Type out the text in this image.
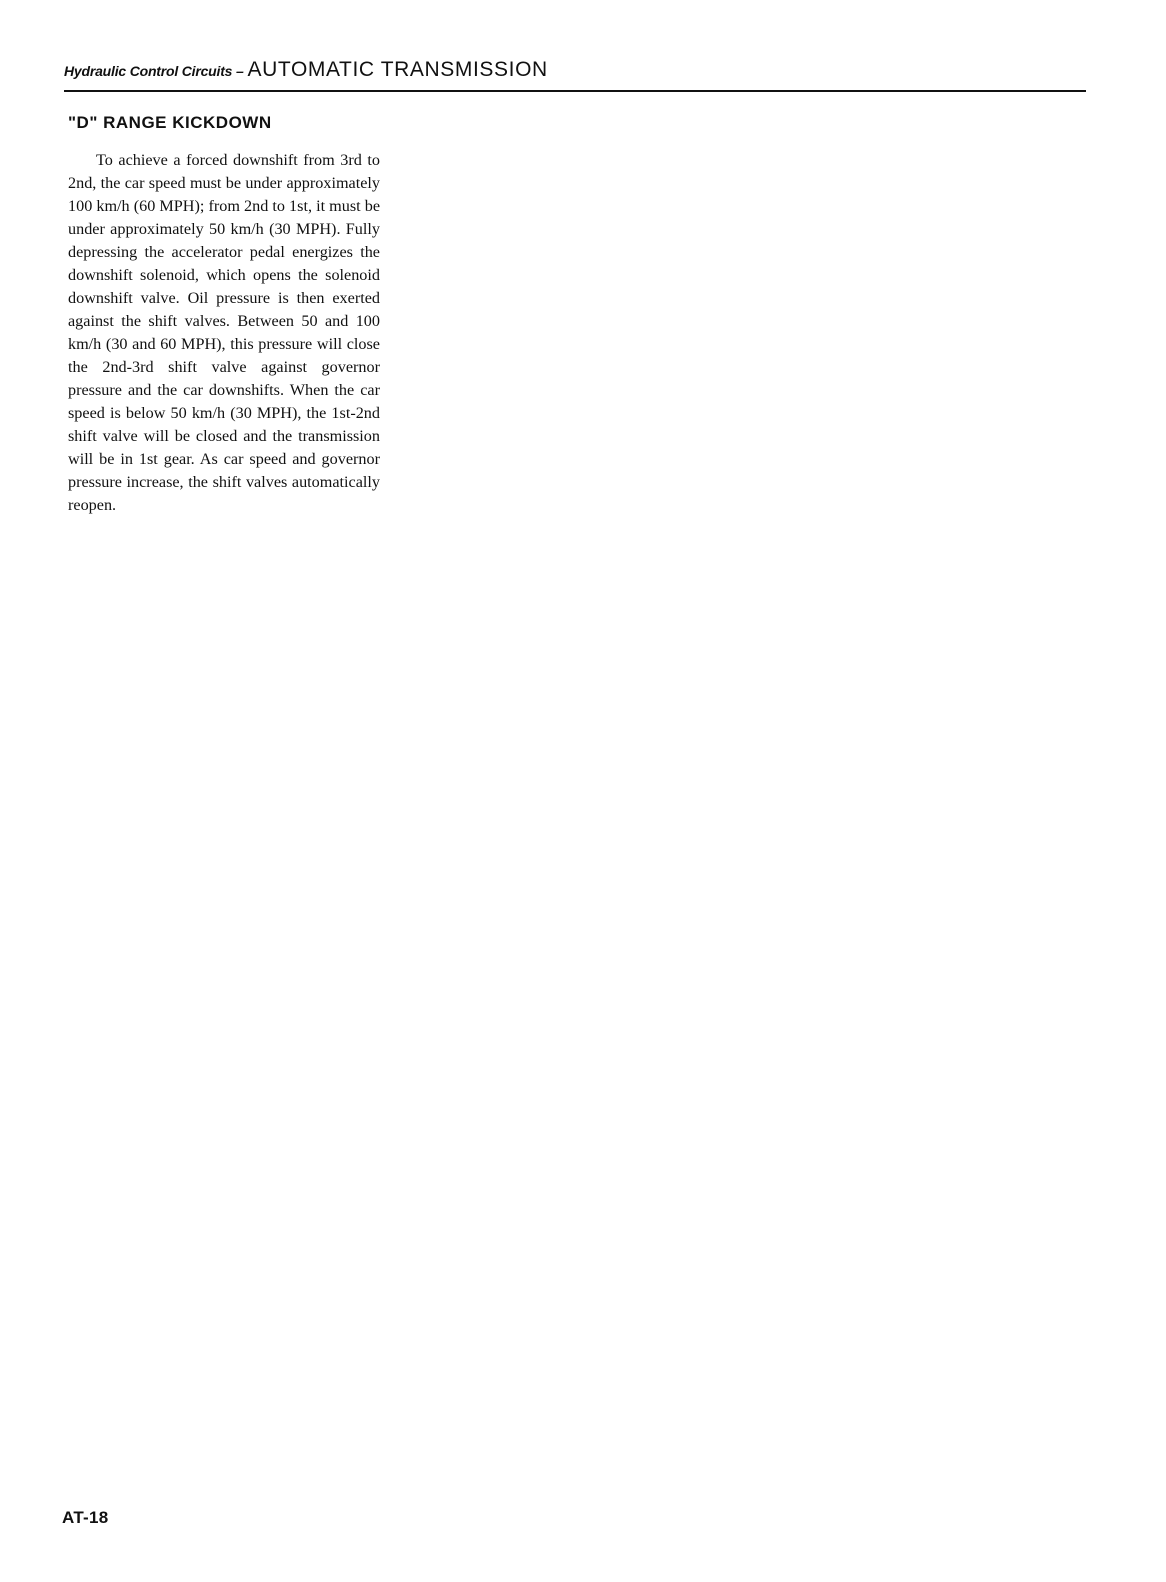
Hydraulic Control Circuits – AUTOMATIC TRANSMISSION
"D" RANGE KICKDOWN

To achieve a forced downshift from 3rd to 2nd, the car speed must be under approximately 100 km/h (60 MPH); from 2nd to 1st, it must be under approximately 50 km/h (30 MPH). Fully depressing the accelerator pedal energizes the downshift solenoid, which opens the solenoid downshift valve. Oil pressure is then exerted against the shift valves. Between 50 and 100 km/h (30 and 60 MPH), this pressure will close the 2nd-3rd shift valve against governor pressure and the car downshifts. When the car speed is below 50 km/h (30 MPH), the 1st-2nd shift valve will be closed and the transmission will be in 1st gear. As car speed and governor pressure increase, the shift valves automatically reopen.

AT-18
